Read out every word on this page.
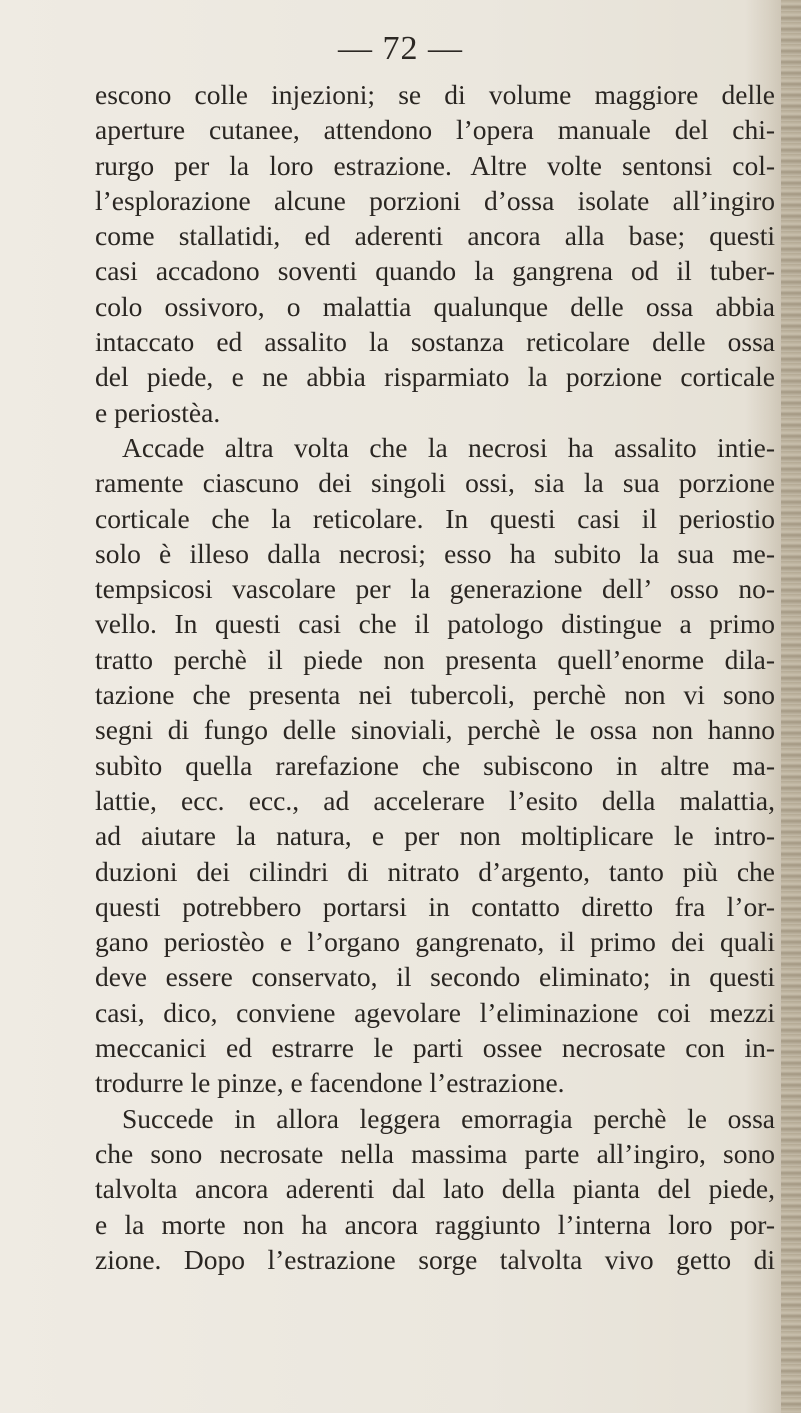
— 72 —
escono colle injezioni; se di volume maggiore delle
aperture cutanee, attendono l’opera manuale del chi-
rurgo per la loro estrazione. Altre volte sentonsi col-
l’esplorazione alcune porzioni d’ossa isolate all’ingiro
come stallatidi, ed aderenti ancora alla base; questi
casi accadono soventi quando la gangrena od il tuber-
colo ossivoro, o malattia qualunque delle ossa abbia
intaccato ed assalito la sostanza reticolare delle ossa
del piede, e ne abbia risparmiato la porzione corticale
e periostèa.
Accade altra volta che la necrosi ha assalito intie-
ramente ciascuno dei singoli ossi, sia la sua porzione
corticale che la reticolare. In questi casi il periostio
solo è illeso dalla necrosi; esso ha subito la sua me-
tempsicosi vascolare per la generazione dell’ osso no-
vello. In questi casi che il patologo distingue a primo
tratto perchè il piede non presenta quell’enorme dila-
tazione che presenta nei tubercoli, perchè non vi sono
segni di fungo delle sinoviali, perchè le ossa non hanno
subìto quella rarefazione che subiscono in altre ma-
lattie, ecc. ecc., ad accelerare l’esito della malattia,
ad aiutare la natura, e per non moltiplicare le intro-
duzioni dei cilindri di nitrato d’argento, tanto più che
questi potrebbero portarsi in contatto diretto fra l’or-
gano periostèo e l’organo gangrenato, il primo dei quali
deve essere conservato, il secondo eliminato; in questi
casi, dico, conviene agevolare l’eliminazione coi mezzi
meccanici ed estrarre le parti ossee necrosate con in-
trodurre le pinze, e facendone l’estrazione.
Succede in allora leggera emorragia perchè le ossa
che sono necrosate nella massima parte all’ingiro, sono
talvolta ancora aderenti dal lato della pianta del piede,
e la morte non ha ancora raggiunto l’interna loro por-
zione. Dopo l’estrazione sorge talvolta vivo getto di
